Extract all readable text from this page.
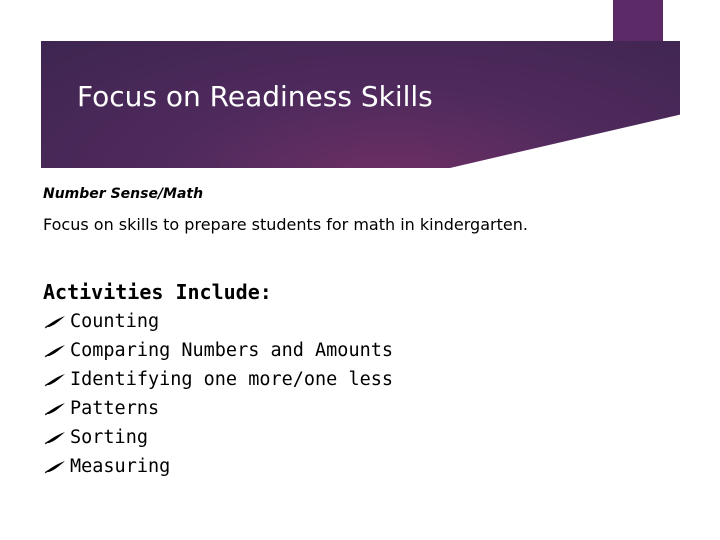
Focus on Readiness Skills
Number Sense/Math
Focus on skills to prepare students for math in kindergarten.
Activities Include:
Counting
Comparing Numbers and Amounts
Identifying one more/one less
Patterns
Sorting
Measuring
